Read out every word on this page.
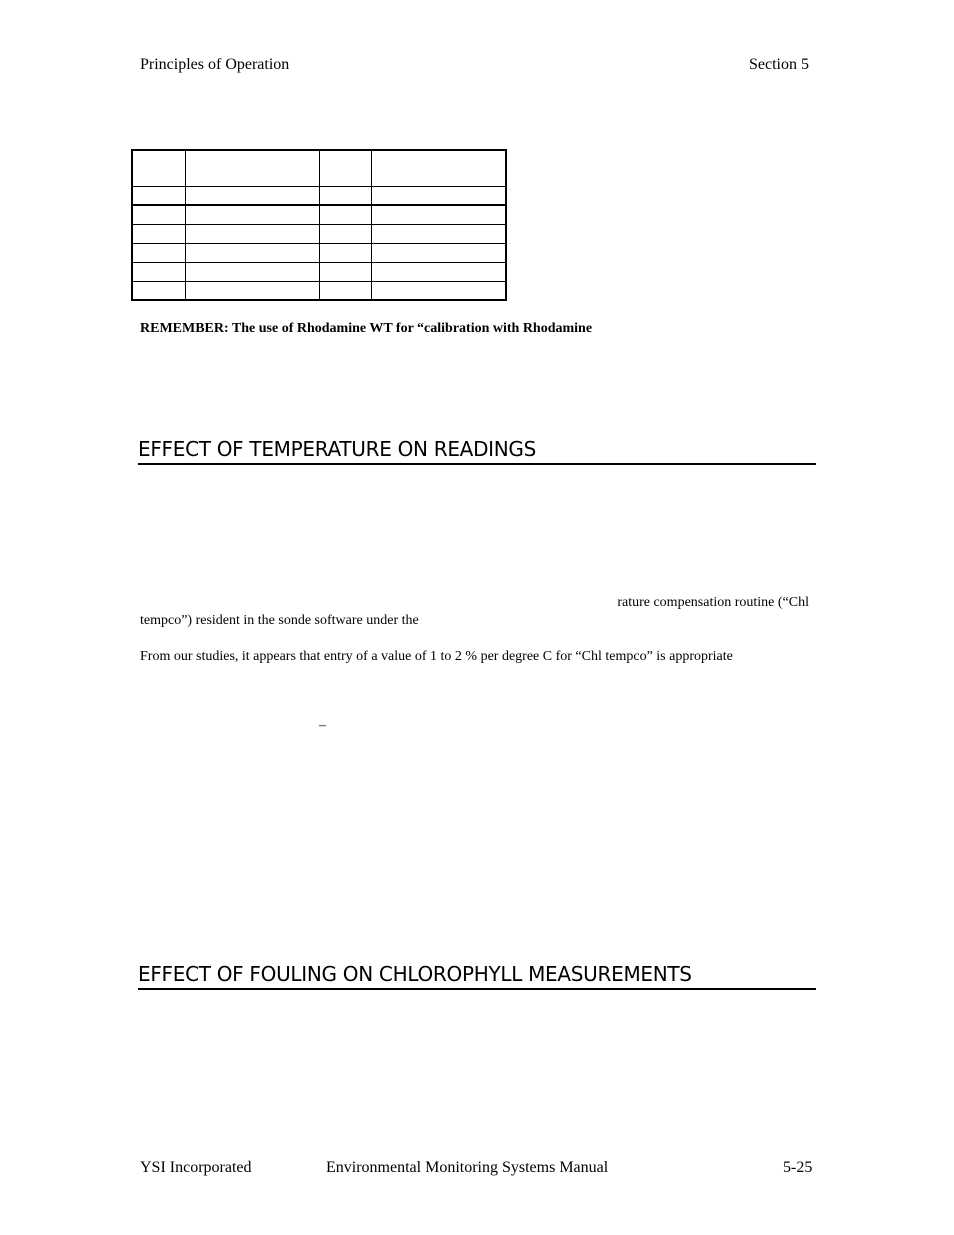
Principles of Operation	Section 5

REMEMBER: The use of Rhodamine WT for “calibration with Rhodamine
EFFECT OF TEMPERATURE ON READINGS
rature compensation routine (“Chl
tempco”) resident in the sonde software under the
From our studies, it appears that entry of a value of 1 to 2 % per degree C for “Chl tempco” is appropriate
–
EFFECT OF FOULING ON CHLOROPHYLL MEASUREMENTS
YSI Incorporated	Environmental Monitoring Systems Manual	5-25
